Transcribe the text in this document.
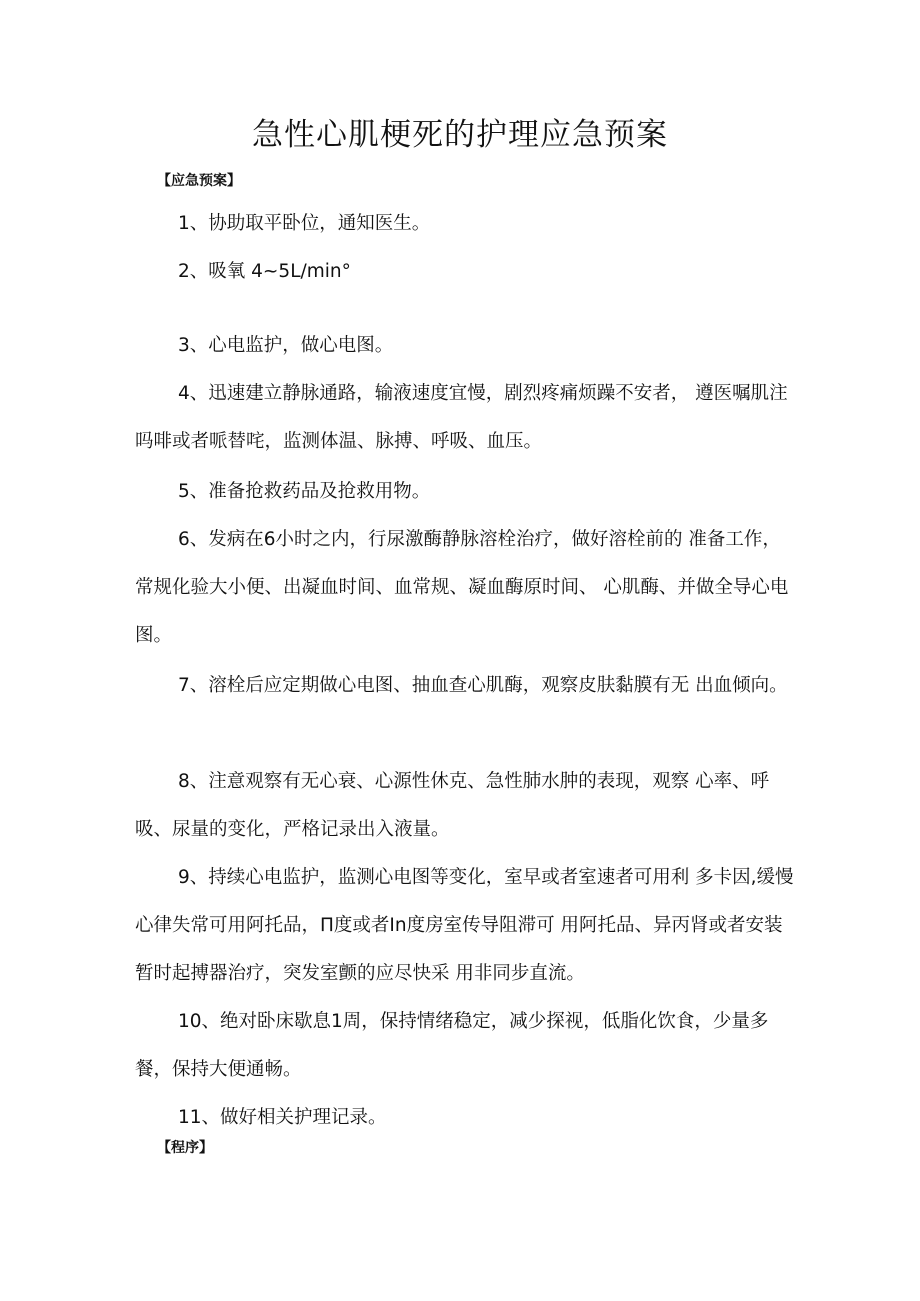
急性心肌梗死的护理应急预案
【应急预案】

1、协助取平卧位，通知医生。

2、吸氧 4~5L∕min°

3、心电监护，做心电图。

4、迅速建立静脉通路，输液速度宜慢，剧烈疼痛烦躁不安者， 遵医嘱肌注吗啡或者哌替咤，监测体温、脉搏、呼吸、血压。

5、准备抢救药品及抢救用物。

6、发病在6小时之内，行尿激酶静脉溶栓治疗，做好溶栓前的 准备工作，常规化验大小便、出凝血时间、血常规、凝血酶原时间、 心肌酶、并做全导心电图。

7、溶栓后应定期做心电图、抽血查心肌酶，观察皮肤黏膜有无 出血倾向。

8、注意观察有无心衰、心源性休克、急性肺水肿的表现，观察 心率、呼吸、尿量的变化，严格记录出入液量。

9、持续心电监护，监测心电图等变化，室早或者室速者可用利 多卡因,缓慢心律失常可用阿托品，Π度或者In度房室传导阻滞可 用阿托品、异丙肾或者安装暂时起搏器治疗，突发室颤的应尽快采 用非同步直流。

10、绝对卧床歇息1周，保持情绪稳定，减少探视，低脂化饮食，少量多餐，保持大便通畅。

11、做好相关护理记录。

【程序】
